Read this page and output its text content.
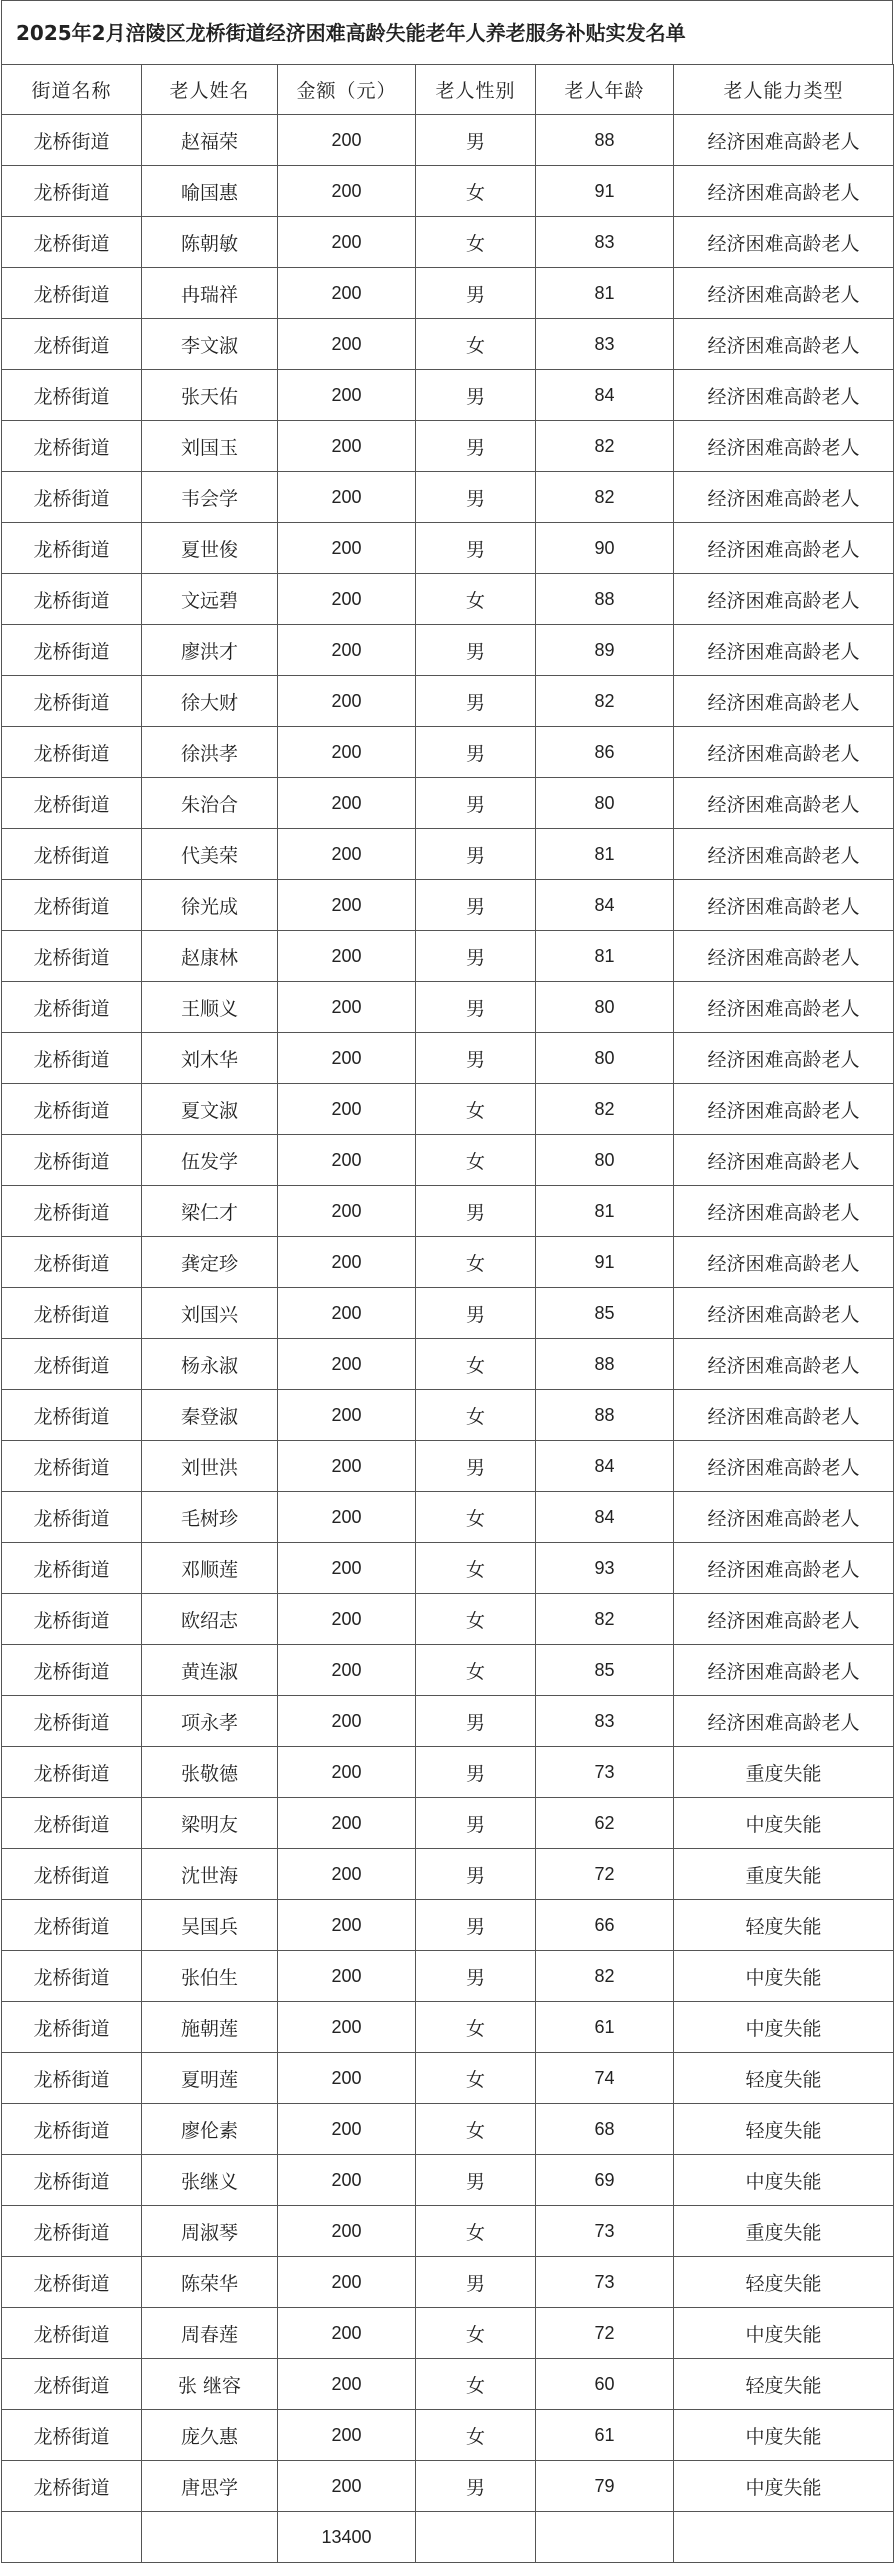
2025年2月涪陵区龙桥街道经济困难高龄失能老年人养老服务补贴实发名单
街道名称	老人姓名	金额（元）	老人性别	老人年龄	老人能力类型
龙桥街道	赵福荣	200	男	88	经济困难高龄老人
龙桥街道	喻国惠	200	女	91	经济困难高龄老人
龙桥街道	陈朝敏	200	女	83	经济困难高龄老人
龙桥街道	冉瑞祥	200	男	81	经济困难高龄老人
龙桥街道	李文淑	200	女	83	经济困难高龄老人
龙桥街道	张天佑	200	男	84	经济困难高龄老人
龙桥街道	刘国玉	200	男	82	经济困难高龄老人
龙桥街道	韦会学	200	男	82	经济困难高龄老人
龙桥街道	夏世俊	200	男	90	经济困难高龄老人
龙桥街道	文远碧	200	女	88	经济困难高龄老人
龙桥街道	廖洪才	200	男	89	经济困难高龄老人
龙桥街道	徐大财	200	男	82	经济困难高龄老人
龙桥街道	徐洪孝	200	男	86	经济困难高龄老人
龙桥街道	朱治合	200	男	80	经济困难高龄老人
龙桥街道	代美荣	200	男	81	经济困难高龄老人
龙桥街道	徐光成	200	男	84	经济困难高龄老人
龙桥街道	赵康林	200	男	81	经济困难高龄老人
龙桥街道	王顺义	200	男	80	经济困难高龄老人
龙桥街道	刘木华	200	男	80	经济困难高龄老人
龙桥街道	夏文淑	200	女	82	经济困难高龄老人
龙桥街道	伍发学	200	女	80	经济困难高龄老人
龙桥街道	梁仁才	200	男	81	经济困难高龄老人
龙桥街道	龚定珍	200	女	91	经济困难高龄老人
龙桥街道	刘国兴	200	男	85	经济困难高龄老人
龙桥街道	杨永淑	200	女	88	经济困难高龄老人
龙桥街道	秦登淑	200	女	88	经济困难高龄老人
龙桥街道	刘世洪	200	男	84	经济困难高龄老人
龙桥街道	毛树珍	200	女	84	经济困难高龄老人
龙桥街道	邓顺莲	200	女	93	经济困难高龄老人
龙桥街道	欧绍志	200	女	82	经济困难高龄老人
龙桥街道	黄连淑	200	女	85	经济困难高龄老人
龙桥街道	项永孝	200	男	83	经济困难高龄老人
龙桥街道	张敬德	200	男	73	重度失能
龙桥街道	梁明友	200	男	62	中度失能
龙桥街道	沈世海	200	男	72	重度失能
龙桥街道	吴国兵	200	男	66	轻度失能
龙桥街道	张伯生	200	男	82	中度失能
龙桥街道	施朝莲	200	女	61	中度失能
龙桥街道	夏明莲	200	女	74	轻度失能
龙桥街道	廖伦素	200	女	68	轻度失能
龙桥街道	张继义	200	男	69	中度失能
龙桥街道	周淑琴	200	女	73	重度失能
龙桥街道	陈荣华	200	男	73	轻度失能
龙桥街道	周春莲	200	女	72	中度失能
龙桥街道	张 继容	200	女	60	轻度失能
龙桥街道	庞久惠	200	女	61	中度失能
龙桥街道	唐思学	200	男	79	中度失能
		13400			
